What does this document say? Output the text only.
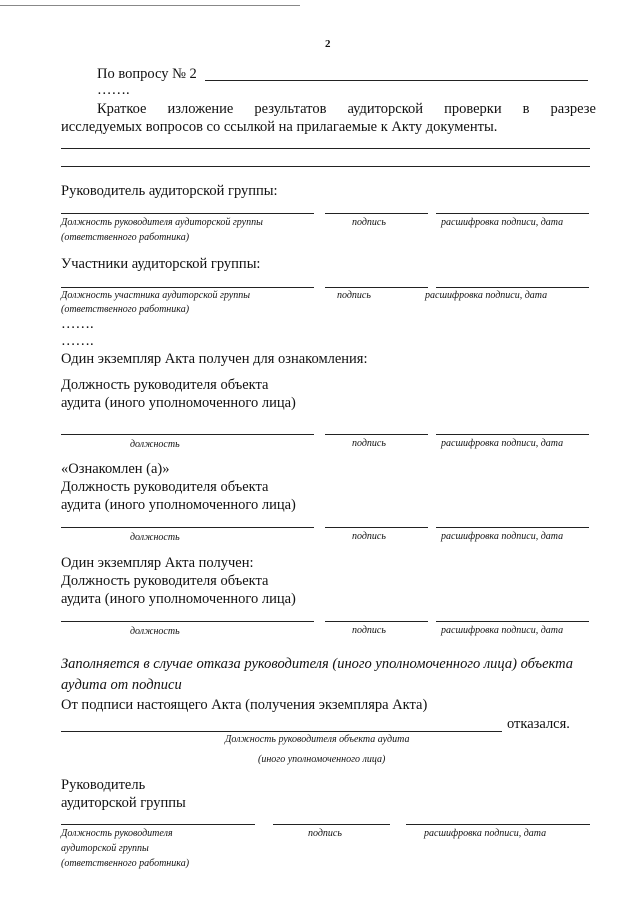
2
По вопросу № 2
…….
Краткое изложение результатов аудиторской проверки в разрезе
исследуемых вопросов со ссылкой на прилагаемые к Акту документы.
Руководитель аудиторской группы:
Должность руководителя аудиторской группы
(ответственного работника)
подпись	расшифровка подписи, дата
Участники аудиторской группы:
Должность участника аудиторской группы
(ответственного работника)
подпись	расшифровка подписи, дата
…….
…….
Один экземпляр Акта получен для ознакомления:
Должность руководителя объекта
аудита (иного уполномоченного лица)
должность	подпись	расшифровка подписи, дата
«Ознакомлен (а)»
Должность руководителя объекта
аудита (иного уполномоченного лица)
должность	подпись	расшифровка подписи, дата
Один экземпляр Акта получен:
Должность руководителя объекта
аудита (иного уполномоченного лица)
должность	подпись	расшифровка подписи, дата
Заполняется в случае отказа руководителя (иного уполномоченного лица) объекта
аудита от подписи
От подписи настоящего Акта (получения экземпляра Акта)
отказался.
Должность руководителя объекта аудита
(иного уполномоченного лица)
Руководитель
аудиторской группы
Должность руководителя
аудиторской группы
(ответственного работника)
подпись	расшифровка подписи, дата
